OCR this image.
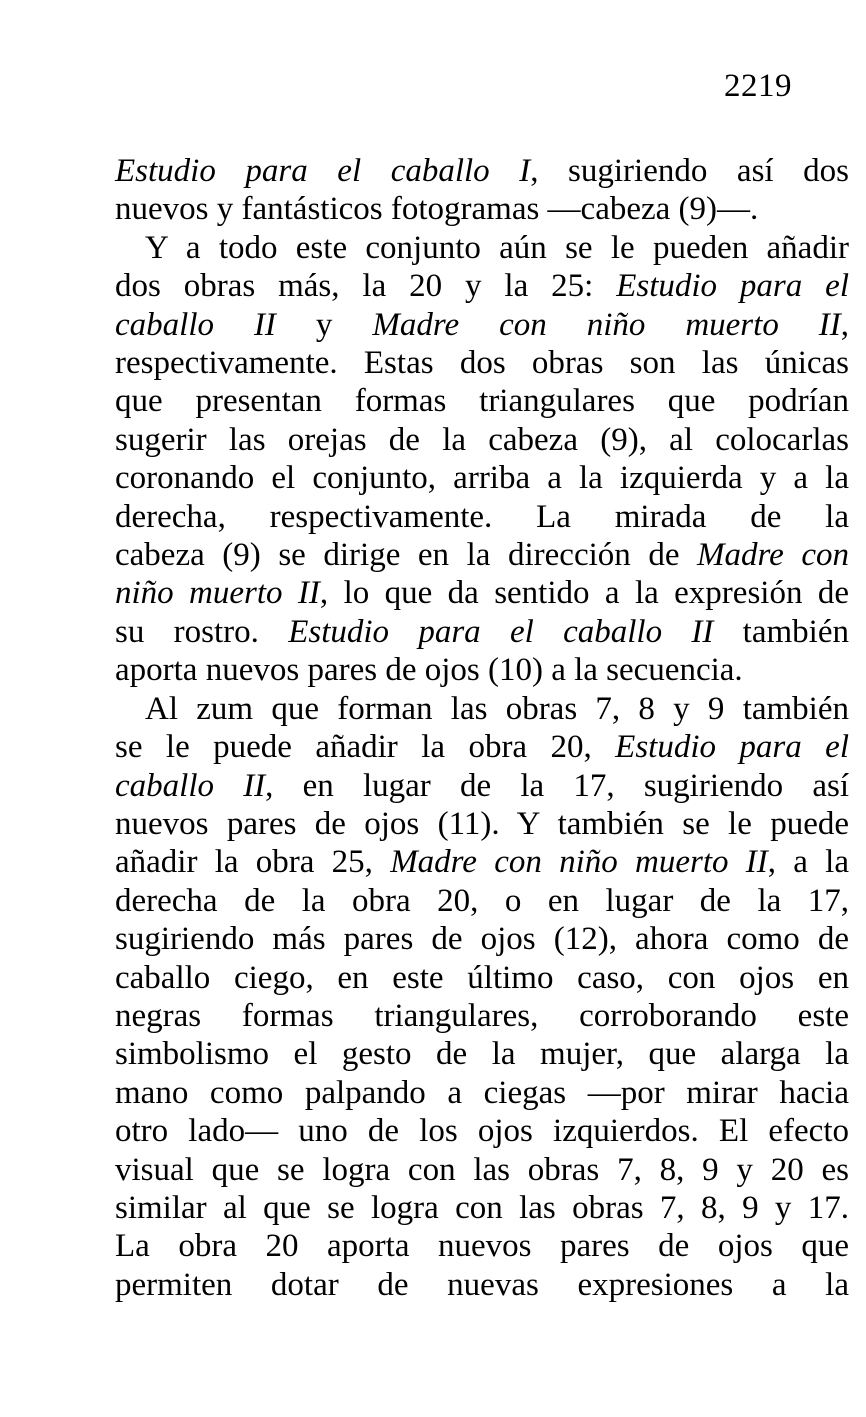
2219
Estudio para el caballo I, sugiriendo así dos
nuevos y fantásticos fotogramas —cabeza (9)—.
Y a todo este conjunto aún se le pueden añadir
dos obras más, la 20 y la 25: Estudio para el
caballo II y Madre con niño muerto II,
respectivamente. Estas dos obras son las únicas
que presentan formas triangulares que podrían
sugerir las orejas de la cabeza (9), al colocarlas
coronando el conjunto, arriba a la izquierda y a la
derecha, respectivamente. La mirada de la
cabeza (9) se dirige en la dirección de Madre con
niño muerto II, lo que da sentido a la expresión de
su rostro. Estudio para el caballo II también
aporta nuevos pares de ojos (10) a la secuencia.
Al zum que forman las obras 7, 8 y 9 también
se le puede añadir la obra 20, Estudio para el
caballo II, en lugar de la 17, sugiriendo así
nuevos pares de ojos (11). Y también se le puede
añadir la obra 25, Madre con niño muerto II, a la
derecha de la obra 20, o en lugar de la 17,
sugiriendo más pares de ojos (12), ahora como de
caballo ciego, en este último caso, con ojos en
negras formas triangulares, corroborando este
simbolismo el gesto de la mujer, que alarga la
mano como palpando a ciegas —por mirar hacia
otro lado— uno de los ojos izquierdos. El efecto
visual que se logra con las obras 7, 8, 9 y 20 es
similar al que se logra con las obras 7, 8, 9 y 17.
La obra 20 aporta nuevos pares de ojos que
permiten dotar de nuevas expresiones a la
